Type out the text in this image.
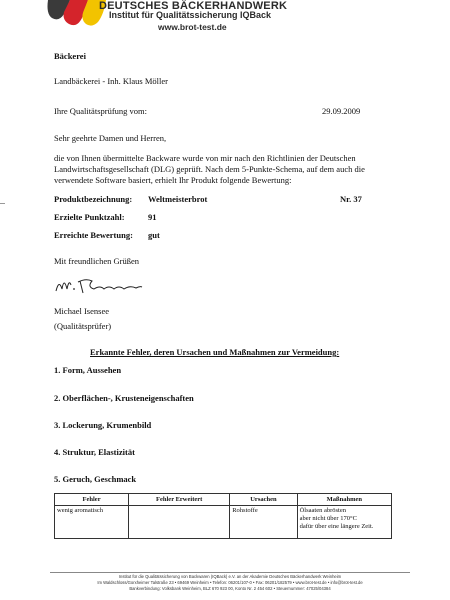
DEUTSCHES BÄCKERHANDWERK
Institut für Qualitätssicherung IQBack
www.brot-test.de
Bäckerei
Landbäckerei - Inh. Klaus Möller
Ihre Qualitätsprüfung vom:	29.09.2009
Sehr geehrte Damen und Herren,
die von Ihnen übermittelte Backware wurde von mir nach den Richtlinien der Deutschen
Landwirtschaftsgesellschaft (DLG) geprüft. Nach dem 5-Punkte-Schema, auf dem auch die
verwendete Software basiert, erhielt Ihr Produkt folgende Bewertung:
Produktbezeichnung: Weltmeisterbrot	Nr. 37
Erzielte Punktzahl:	91
Erreichte Bewertung: gut
Mit freundlichen Grüßen
Michael Isensee
(Qualitätsprüfer)
Erkannte Fehler, deren Ursachen und Maßnahmen zur Vermeidung:
1. Form, Aussehen
2. Oberflächen-, Krusteneigenschaften
3. Lockerung, Krumenbild
4. Struktur, Elastizität
5. Geruch, Geschmack
Fehler	Fehler Erweitert	Ursachen	Maßnahmen
wenig aromatisch		Rohstoffe	Ölsaaten abrösten
aber nicht über 170°C
dafür über eine längere Zeit.
Institut für die Qualitätssicherung von Backwaren (IQBack) e.V. an der Akademie Deutsches Bäckerhandwerk Weinheim
Im Waldschloss/Gorxheimer Talstraße 23 • 69469 Weinheim • Telefon: 06201/107-0 • Fax: 06201/182579 • www.brot-test.de • info@brot-test.de
Bankverbindung: Volksbank Weinheim, BLZ 670 923 00, Konto Nr. 2 454 602 • Steuernummer: 47025/04384
